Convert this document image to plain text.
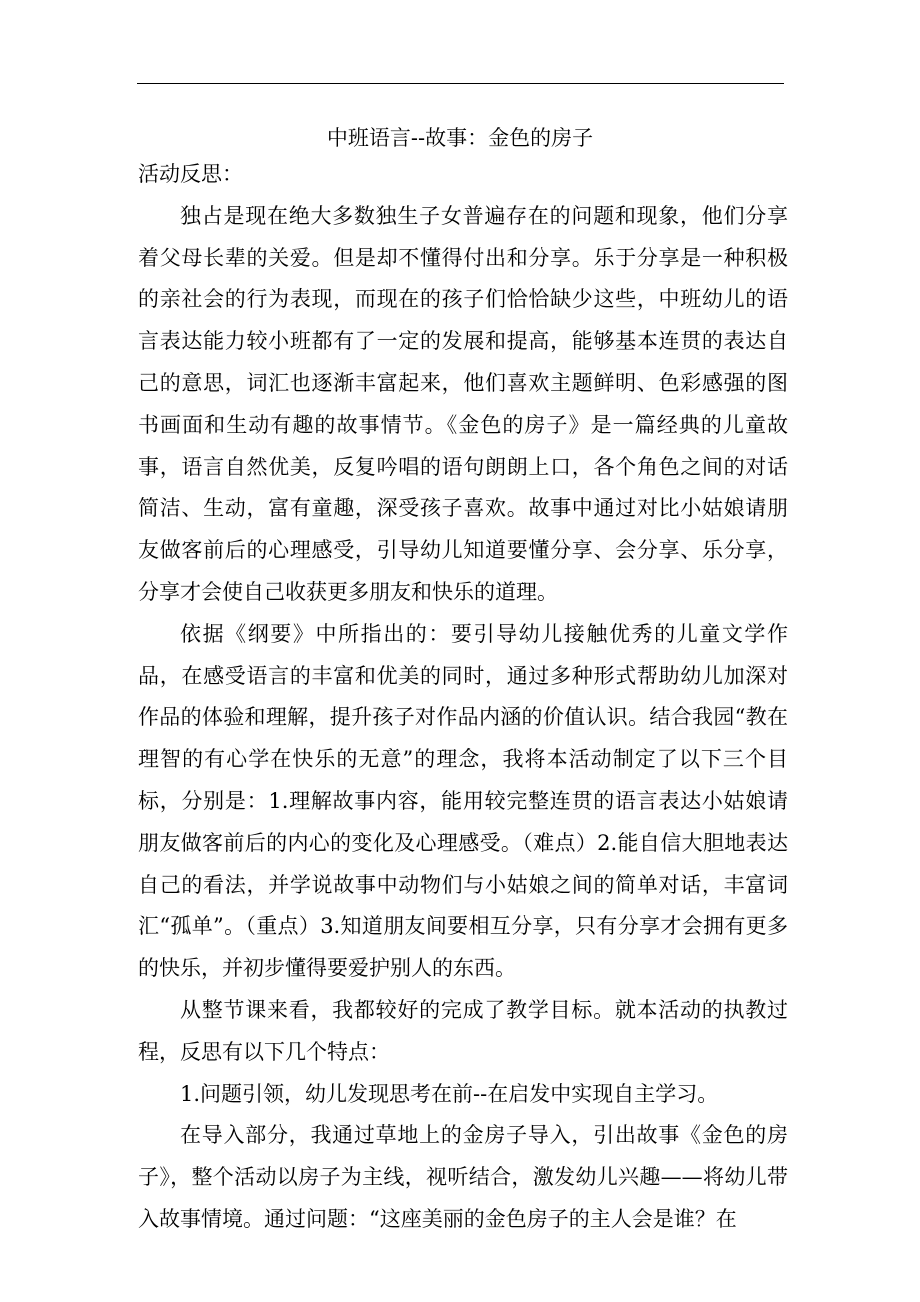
中班语言--故事：金色的房子

活动反思：

独占是现在绝大多数独生子女普遍存在的问题和现象，他们分享着父母长辈的关爱。但是却不懂得付出和分享。乐于分享是一种积极的亲社会的行为表现，而现在的孩子们恰恰缺少这些，中班幼儿的语言表达能力较小班都有了一定的发展和提高，能够基本连贯的表达自己的意思，词汇也逐渐丰富起来，他们喜欢主题鲜明、色彩感强的图书画面和生动有趣的故事情节。《金色的房子》是一篇经典的儿童故事，语言自然优美，反复吟唱的语句朗朗上口，各个角色之间的对话简洁、生动，富有童趣，深受孩子喜欢。故事中通过对比小姑娘请朋友做客前后的心理感受，引导幼儿知道要懂分享、会分享、乐分享，分享才会使自己收获更多朋友和快乐的道理。

依据《纲要》中所指出的：要引导幼儿接触优秀的儿童文学作品，在感受语言的丰富和优美的同时，通过多种形式帮助幼儿加深对作品的体验和理解，提升孩子对作品内涵的价值认识。结合我园“教在理智的有心学在快乐的无意”的理念，我将本活动制定了以下三个目标，分别是：1.理解故事内容，能用较完整连贯的语言表达小姑娘请朋友做客前后的内心的变化及心理感受。（难点）2.能自信大胆地表达自己的看法，并学说故事中动物们与小姑娘之间的简单对话，丰富词汇“孤单”。（重点）3.知道朋友间要相互分享，只有分享才会拥有更多的快乐，并初步懂得要爱护别人的东西。

从整节课来看，我都较好的完成了教学目标。就本活动的执教过程，反思有以下几个特点：

1.问题引领，幼儿发现思考在前--在启发中实现自主学习。

在导入部分，我通过草地上的金房子导入，引出故事《金色的房子》，整个活动以房子为主线，视听结合，激发幼儿兴趣——将幼儿带入故事情境。通过问题：“这座美丽的金色房子的主人会是谁？在
